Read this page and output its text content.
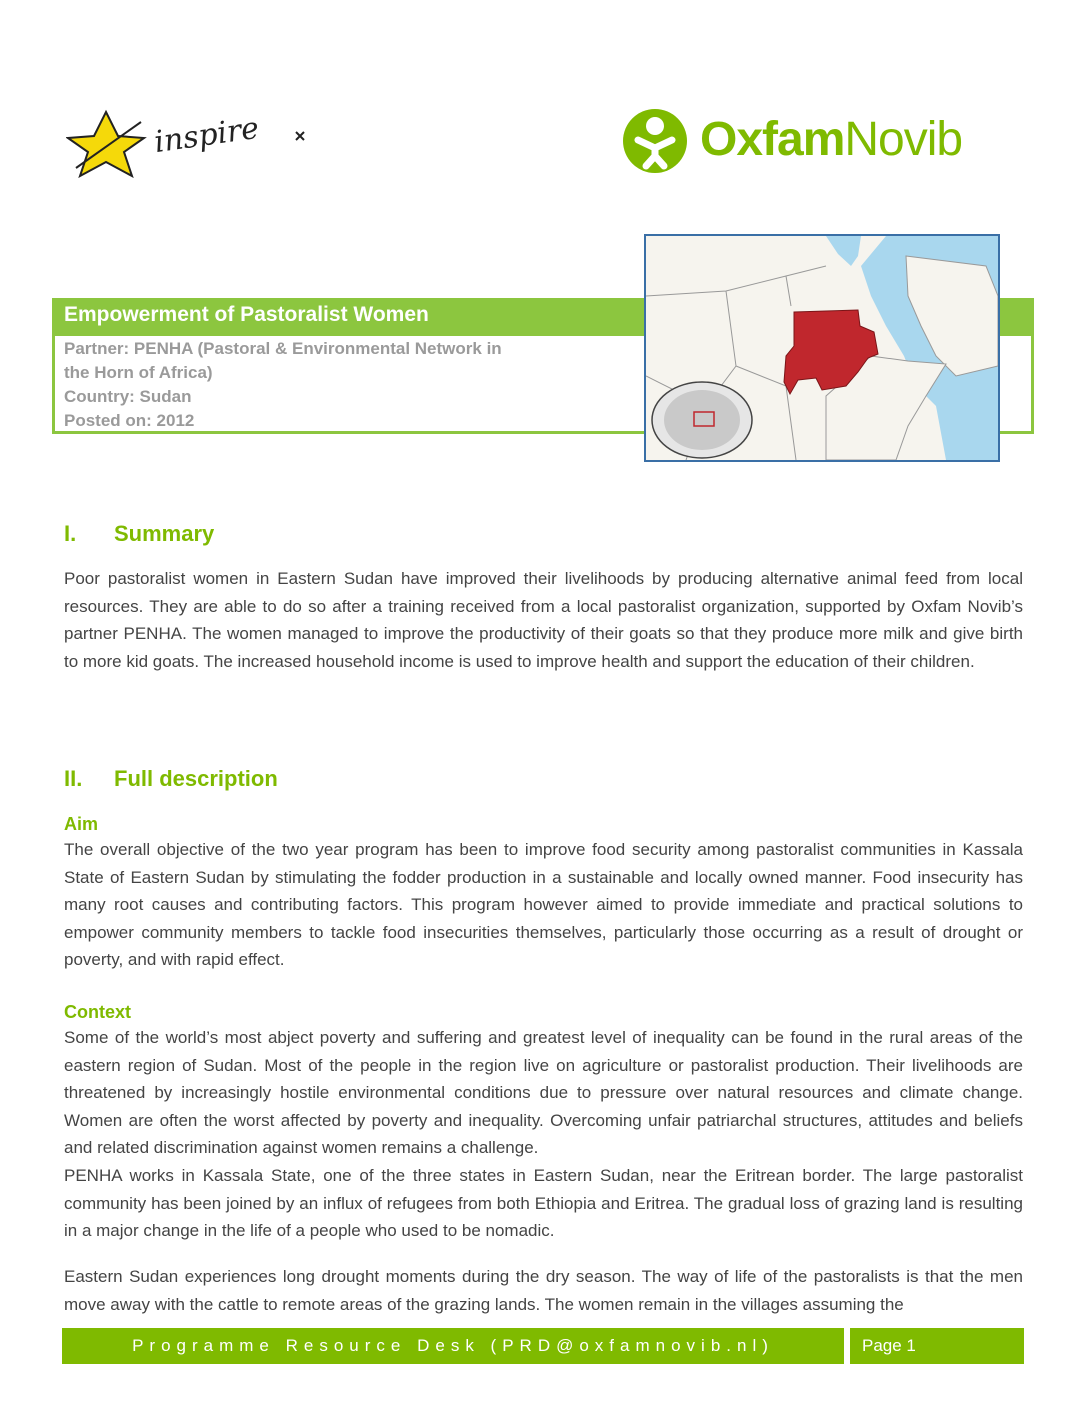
inspire	OxfamNovib
Empowerment of Pastoralist Women
Partner: PENHA (Pastoral & Environmental Network in
the Horn of Africa)
Country: Sudan
Posted on: 2012
I. Summary
Poor pastoralist women in Eastern Sudan have improved their livelihoods by producing alternative animal feed from local resources. They are able to do so after a training received from a local pastoralist organization, supported by Oxfam Novib’s partner PENHA. The women managed to improve the productivity of their goats so that they produce more milk and give birth to more kid goats. The increased household income is used to improve health and support the education of their children.
II. Full description
Aim
The overall objective of the two year program has been to improve food security among pastoralist communities in Kassala State of Eastern Sudan by stimulating the fodder production in a sustainable and locally owned manner. Food insecurity has many root causes and contributing factors. This program however aimed to provide immediate and practical solutions to empower community members to tackle food insecurities themselves, particularly those occurring as a result of drought or poverty, and with rapid effect.
Context
Some of the world’s most abject poverty and suffering and greatest level of inequality can be found in the rural areas of the eastern region of Sudan. Most of the people in the region live on agriculture or pastoralist production. Their livelihoods are threatened by increasingly hostile environmental conditions due to pressure over natural resources and climate change. Women are often the worst affected by poverty and inequality. Overcoming unfair patriarchal structures, attitudes and beliefs and related discrimination against women remains a challenge.
PENHA works in Kassala State, one of the three states in Eastern Sudan, near the Eritrean border. The large pastoralist community has been joined by an influx of refugees from both Ethiopia and Eritrea. The gradual loss of grazing land is resulting in a major change in the life of a people who used to be nomadic.
Eastern Sudan experiences long drought moments during the dry season. The way of life of the pastoralists is that the men move away with the cattle to remote areas of the grazing lands. The women remain in the villages assuming the
Programme Resource Desk (PRD@oxfamnovib.nl)	Page 1
